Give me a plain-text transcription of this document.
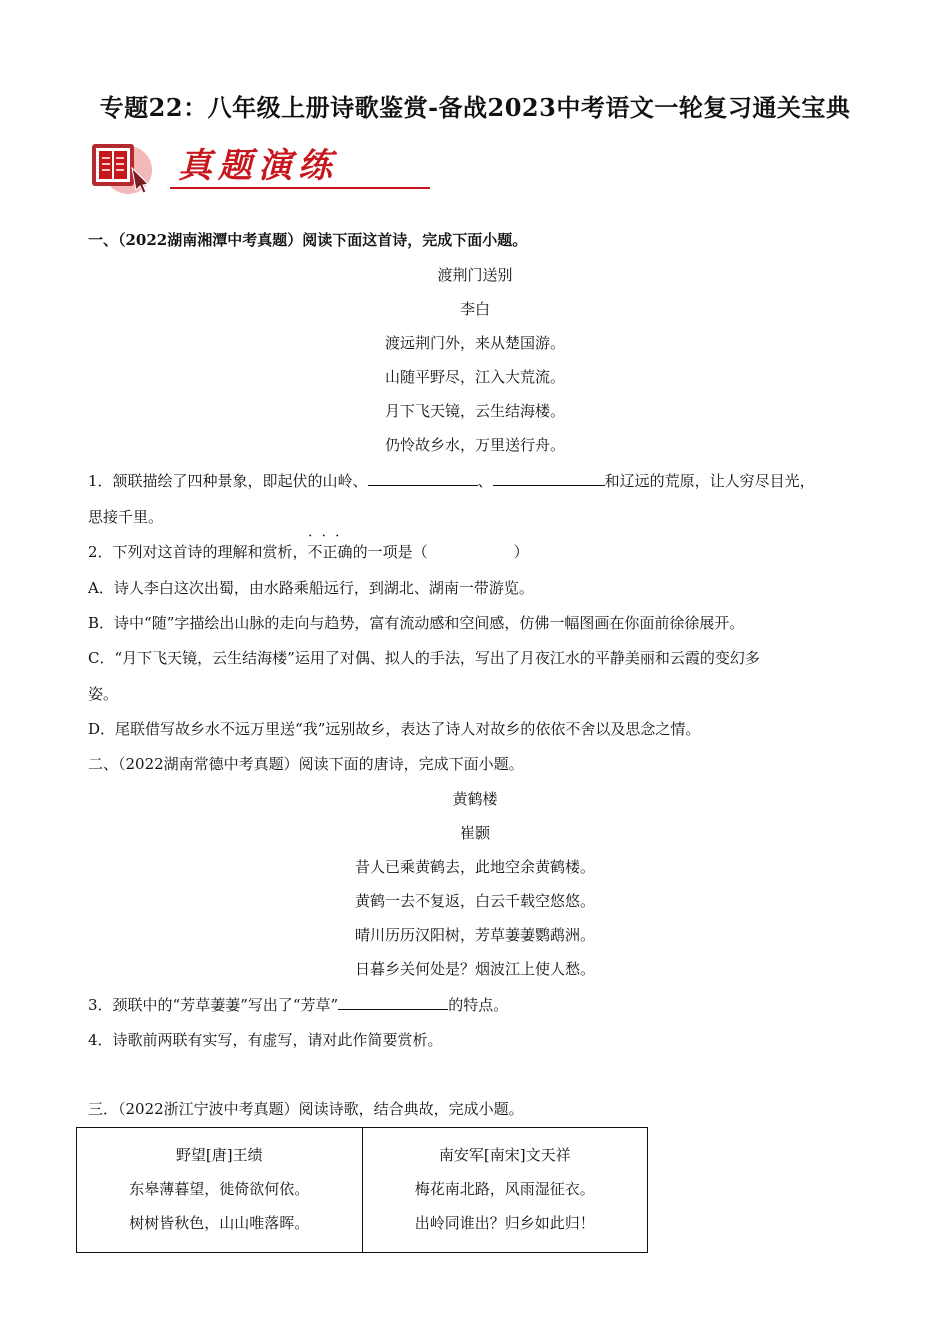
专题22：八年级上册诗歌鉴赏-备战2023中考语文一轮复习通关宝典
真题演练
一、（2022湖南湘潭中考真题）阅读下面这首诗，完成下面小题。
渡荆门送别
李白
渡远荆门外，来从楚国游。
山随平野尽，江入大荒流。
月下飞天镜，云生结海楼。
仍怜故乡水，万里送行舟。
1．颔联描绘了四种景象，即起伏的山岭、	、	和辽远的荒原，让人穷尽目光，
思接千里。
2．下列对这首诗的理解和赏析，不正确 • • •的一项是（	）
A．诗人李白这次出蜀，由水路乘船远行，到湖北、湖南一带游览。
B．诗中“随”字描绘出山脉的走向与趋势，富有流动感和空间感，仿佛一幅图画在你面前徐徐展开。
C．“月下飞天镜，云生结海楼”运用了对偶、拟人的手法，写出了月夜江水的平静美丽和云霞的变幻多
姿。
D．尾联借写故乡水不远万里送“我”远别故乡，表达了诗人对故乡的依依不舍以及思念之情。
二、（2022湖南常德中考真题）阅读下面的唐诗，完成下面小题。
黄鹤楼
崔颢
昔人已乘黄鹤去，此地空余黄鹤楼。
黄鹤一去不复返，白云千载空悠悠。
晴川历历汉阳树，芳草萋萋鹦鹉洲。
日暮乡关何处是？烟波江上使人愁。
3．颈联中的“芳草萋萋”写出了“芳草”	的特点。
4．诗歌前两联有实写，有虚写，请对此作简要赏析。
三．（2022浙江宁波中考真题）阅读诗歌，结合典故，完成小题。
野望[唐]王绩
东皋薄暮望，徙倚欲何依。
树树皆秋色，山山唯落晖。

南安军[南宋]文天祥
梅花南北路，风雨湿征衣。
出岭同谁出？归乡如此归！
